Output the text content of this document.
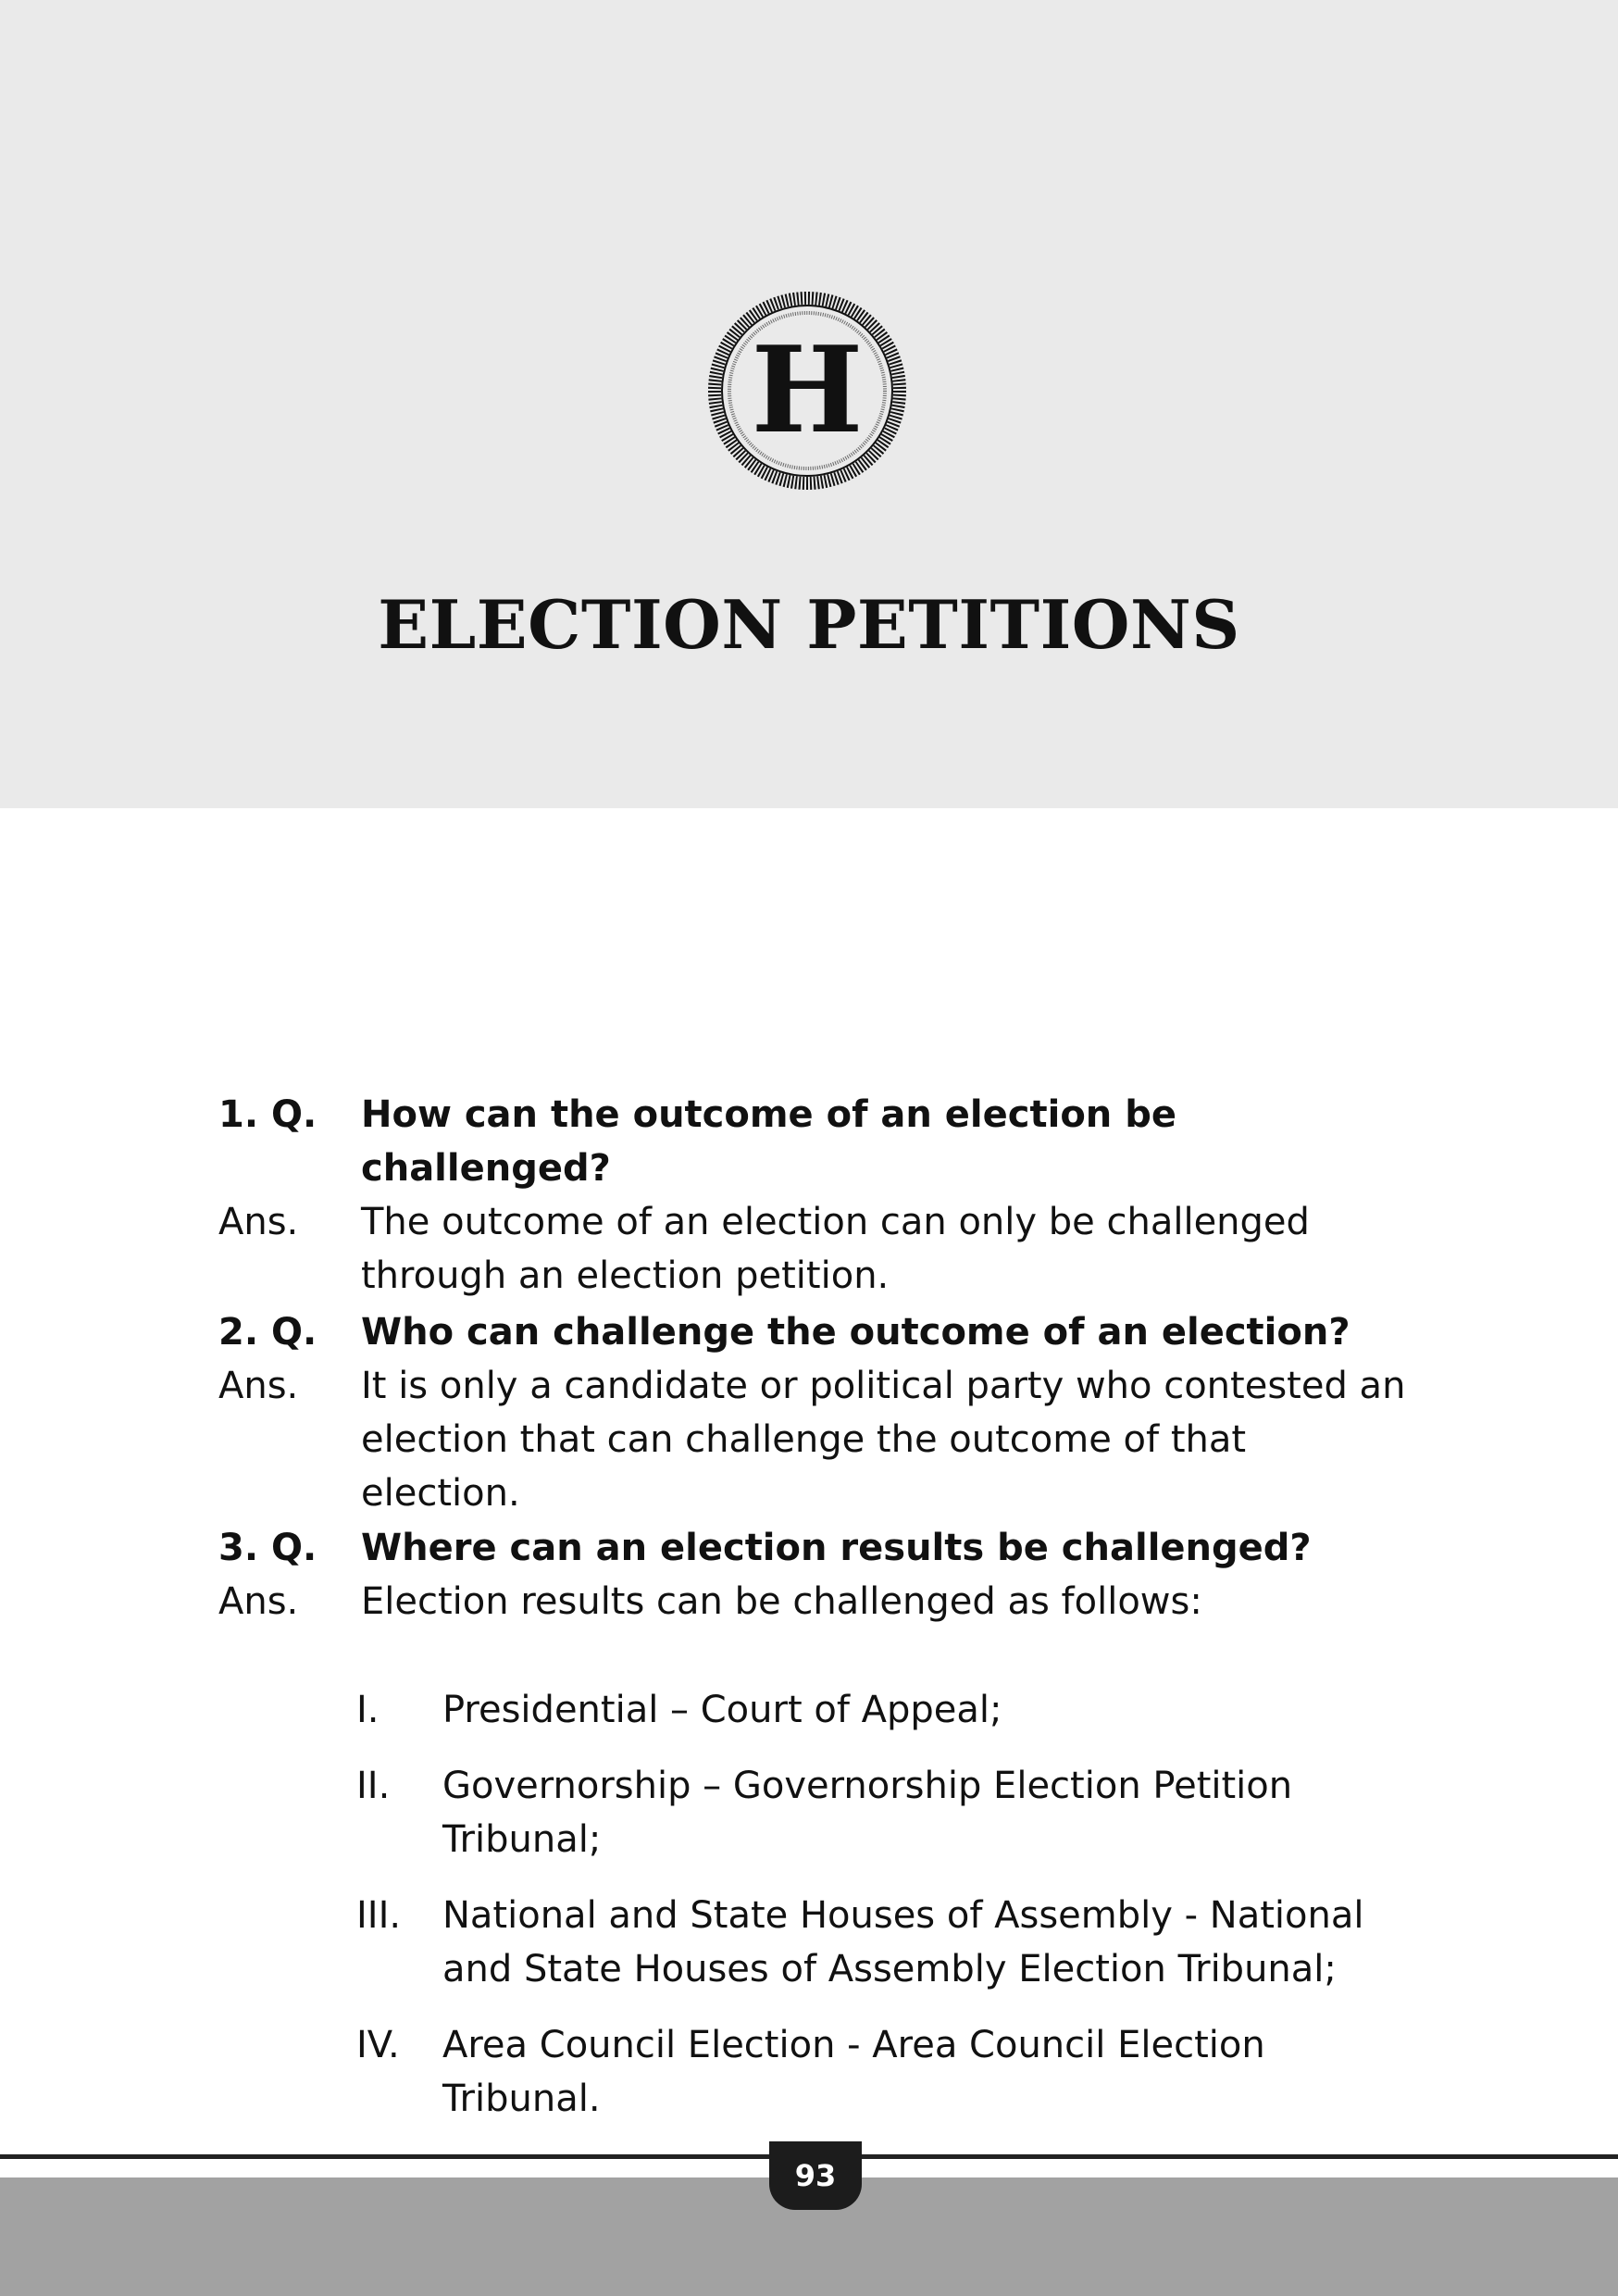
H
ELECTION PETITIONS
1. Q.	How can the outcome of an election be challenged?
Ans.	The outcome of an election can only be challenged through an election petition.
2. Q.	Who can challenge the outcome of an election?
Ans.	It is only a candidate or political party who contested an election that can challenge the outcome of that election.
3. Q.	Where can an election results be challenged?
Ans.	Election results can be challenged as follows:
I.	Presidential – Court of Appeal;
II.	Governorship – Governorship Election Petition Tribunal;
III.	National and State Houses of Assembly - National and State Houses of Assembly Election Tribunal;
IV.	Area Council Election - Area Council Election Tribunal.
93
